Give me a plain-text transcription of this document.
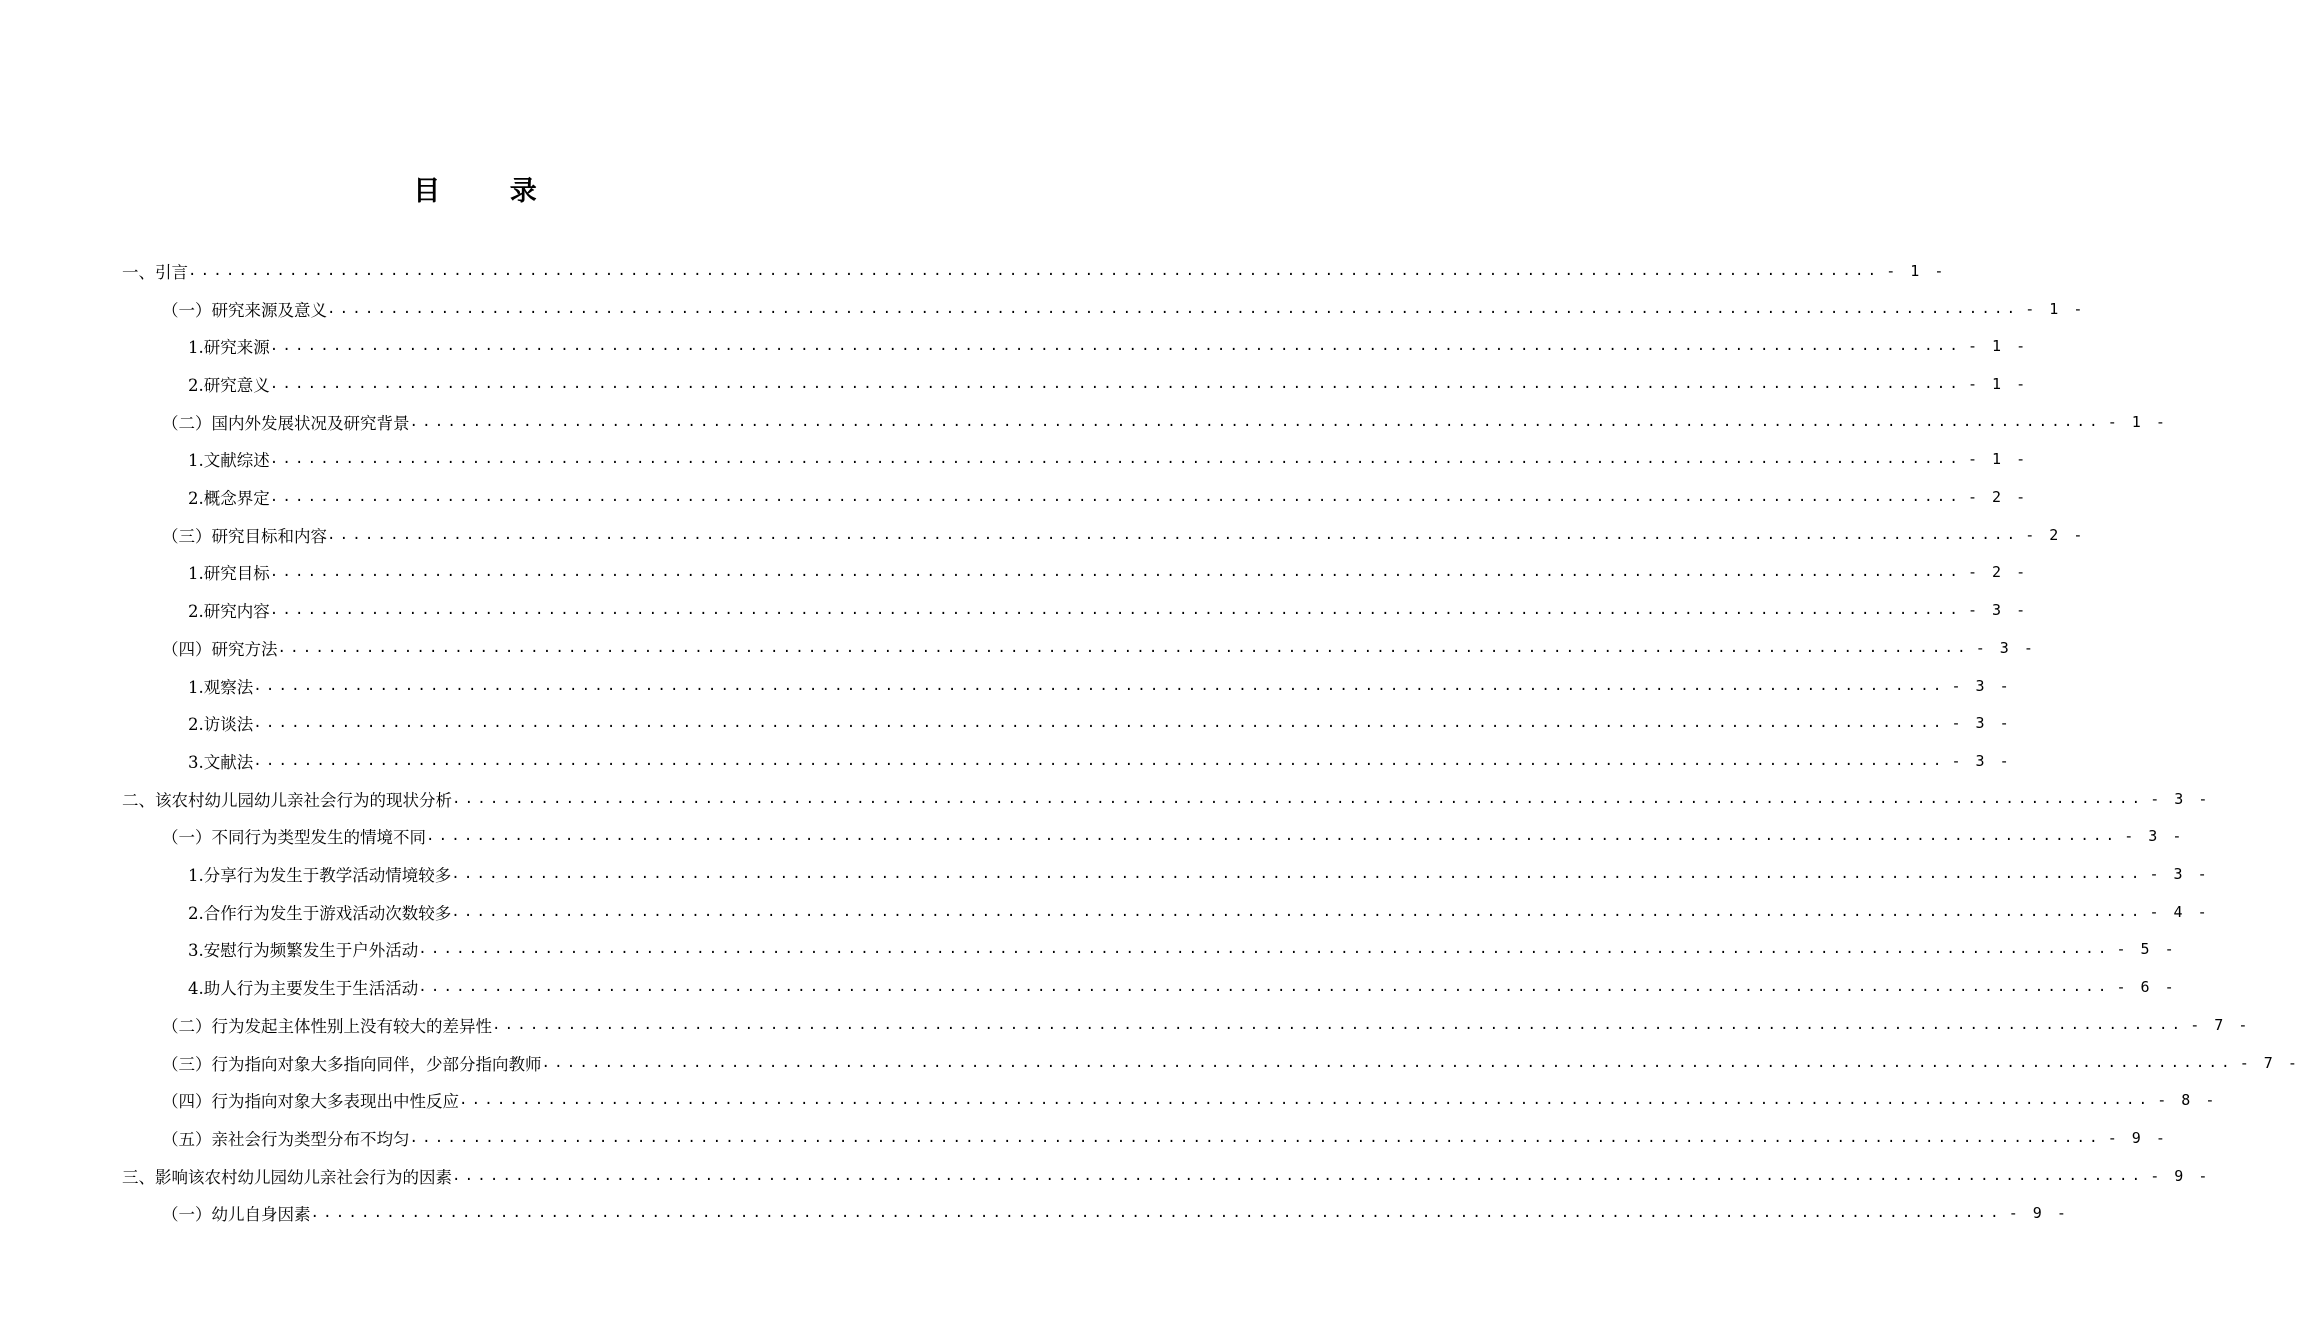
目 录
一、引言 ...................................................................................................................................... - 1 -
（一）研究来源及意义 ...................................................................................................................................... - 1 -
1.研究来源 ...................................................................................................................................... - 1 -
2.研究意义 ...................................................................................................................................... - 1 -
（二）国内外发展状况及研究背景 ...................................................................................................................................... - 1 -
1.文献综述 ...................................................................................................................................... - 1 -
2.概念界定 ...................................................................................................................................... - 2 -
（三）研究目标和内容 ...................................................................................................................................... - 2 -
1.研究目标 ...................................................................................................................................... - 2 -
2.研究内容 ...................................................................................................................................... - 3 -
（四）研究方法 ...................................................................................................................................... - 3 -
1.观察法 ...................................................................................................................................... - 3 -
2.访谈法 ...................................................................................................................................... - 3 -
3.文献法 ...................................................................................................................................... - 3 -
二、该农村幼儿园幼儿亲社会行为的现状分析 ...................................................................................................................................... - 3 -
（一）不同行为类型发生的情境不同 ...................................................................................................................................... - 3 -
1.分享行为发生于教学活动情境较多 ...................................................................................................................................... - 3 -
2.合作行为发生于游戏活动次数较多 ...................................................................................................................................... - 4 -
3.安慰行为频繁发生于户外活动 ...................................................................................................................................... - 5 -
4.助人行为主要发生于生活活动 ...................................................................................................................................... - 6 -
（二）行为发起主体性别上没有较大的差异性 ...................................................................................................................................... - 7 -
（三）行为指向对象大多指向同伴，少部分指向教师 ...................................................................................................................................... - 7 -
（四）行为指向对象大多表现出中性反应 ...................................................................................................................................... - 8 -
（五）亲社会行为类型分布不均匀 ...................................................................................................................................... - 9 -
三、影响该农村幼儿园幼儿亲社会行为的因素 ...................................................................................................................................... - 9 -
（一）幼儿自身因素 ...................................................................................................................................... - 9 -
